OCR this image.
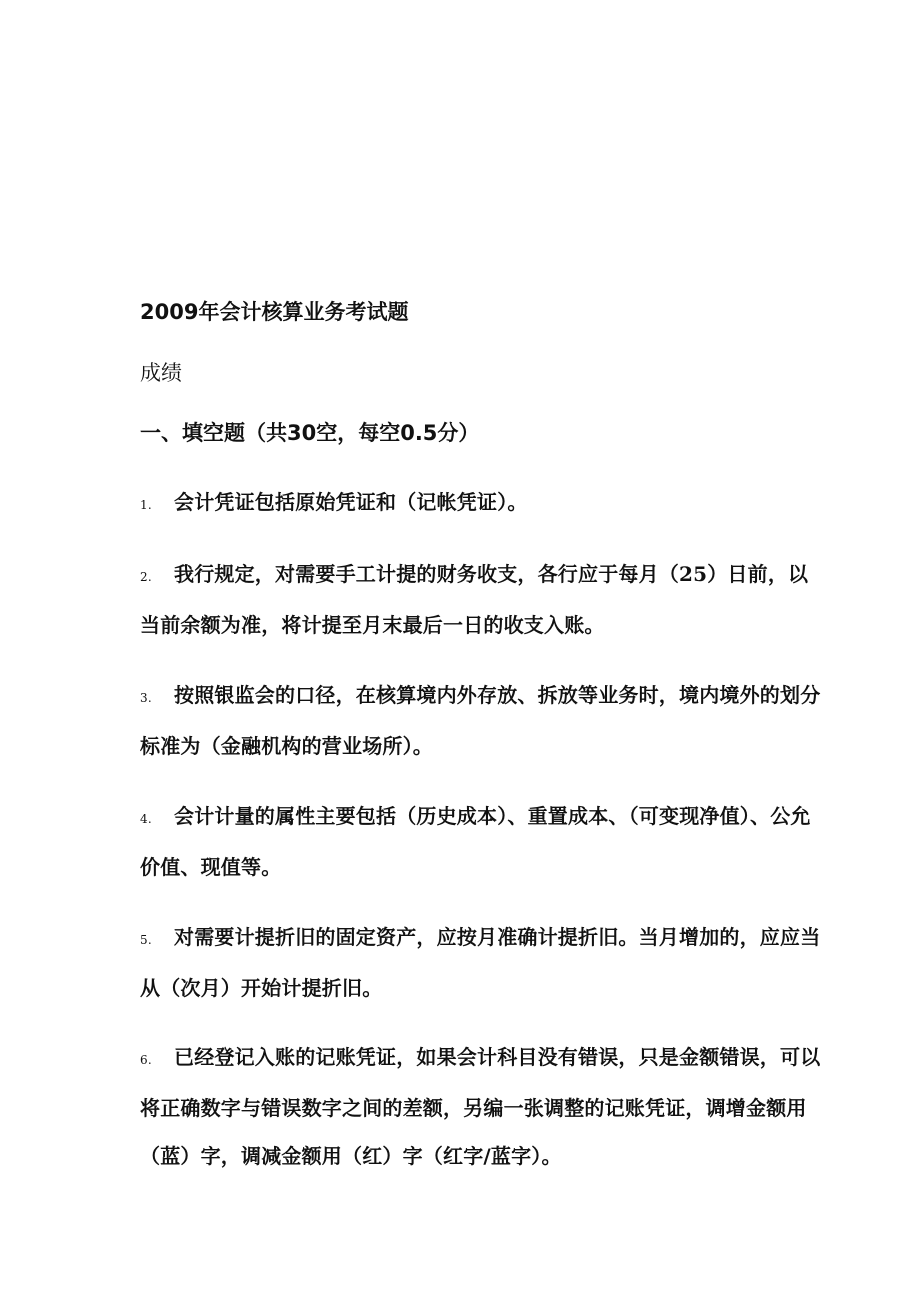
2009年会计核算业务考试题
成绩
一、填空题（共30空，每空0.5分）
1. 会计凭证包括原始凭证和（记帐凭证）。
2. 我行规定，对需要手工计提的财务收支，各行应于每月（25）日前，以当前余额为准，将计提至月末最后一日的收支入账。
3. 按照银监会的口径，在核算境内外存放、拆放等业务时，境内境外的划分标准为（金融机构的营业场所）。
4. 会计计量的属性主要包括（历史成本）、重置成本、（可变现净值）、公允价值、现值等。
5. 对需要计提折旧的固定资产，应按月准确计提折旧。当月增加的，应应当从（次月）开始计提折旧。
6. 已经登记入账的记账凭证，如果会计科目没有错误，只是金额错误，可以将正确数字与错误数字之间的差额，另编一张调整的记账凭证，调增金额用（蓝）字，调减金额用（红）字（红字/蓝字）。
